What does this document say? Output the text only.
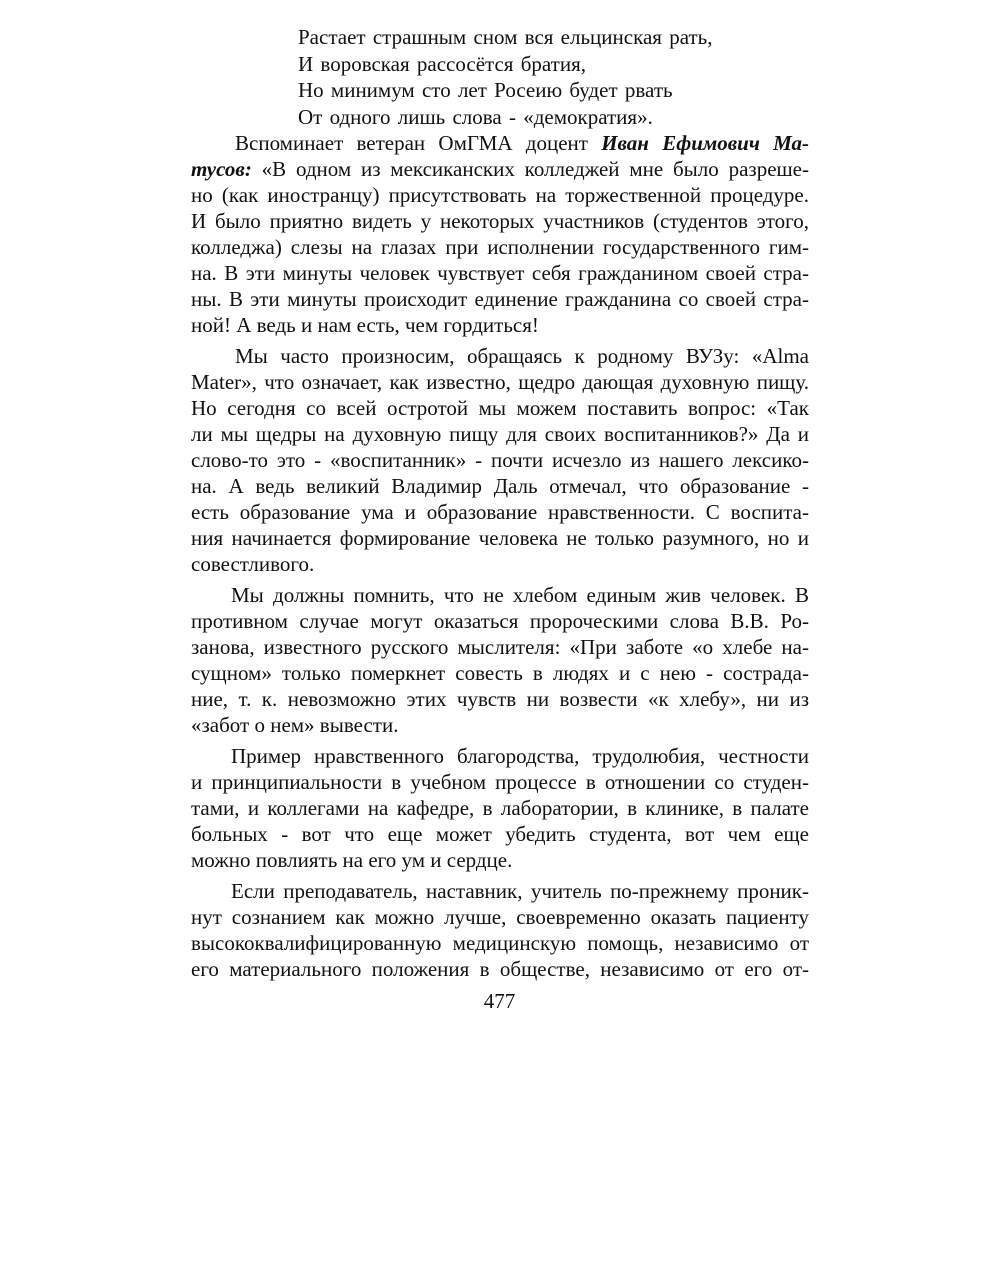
Растает страшным сном вся ельцинская рать,
И воровская рассосётся братия,
Но минимум сто лет Росеию будет рвать
От одного лишь слова - «демократия».
Вспоминает ветеран ОмГМА доцент Иван Ефимович Ма-
тусов: «В одном из мексиканских колледжей мне было разреше-
но (как иностранцу) присутствовать на торжественной процедуре.
И было приятно видеть у некоторых участников (студентов этого,
колледжа) слезы на глазах при исполнении государственного гим-
на. В эти минуты человек чувствует себя гражданином своей стра-
ны. В эти минуты происходит единение гражданина со своей стра-
ной! А ведь и нам есть, чем гордиться!
Мы часто произносим, обращаясь к родному ВУЗу: «Alma
Mater», что означает, как известно, щедро дающая духовную пищу.
Но сегодня со всей остротой мы можем поставить вопрос: «Так
ли мы щедры на духовную пищу для своих воспитанников?» Да и
слово-то это - «воспитанник» - почти исчезло из нашего лексико-
на. А ведь великий Владимир Даль отмечал, что образование -
есть образование ума и образование нравственности. С воспита-
ния начинается формирование человека не только разумного, но и
совестливого.
Мы должны помнить, что не хлебом единым жив человек. В
противном случае могут оказаться пророческими слова В.В. Ро-
занова, известного русского мыслителя: «При заботе «о хлебе на-
сущном» только померкнет совесть в людях и с нею - сострада-
ние, т. к. невозможно этих чувств ни возвести «к хлебу», ни из
«забот о нем» вывести.
Пример нравственного благородства, трудолюбия, честности
и принципиальности в учебном процессе в отношении со студен-
тами, и коллегами на кафедре, в лаборатории, в клинике, в палате
больных - вот что еще может убедить студента, вот чем еще
можно повлиять на его ум и сердце.
Если преподаватель, наставник, учитель по-прежнему проник-
нут сознанием как можно лучше, своевременно оказать пациенту
высококвалифицированную медицинскую помощь, независимо от
его материального положения в обществе, независимо от его от-
477
